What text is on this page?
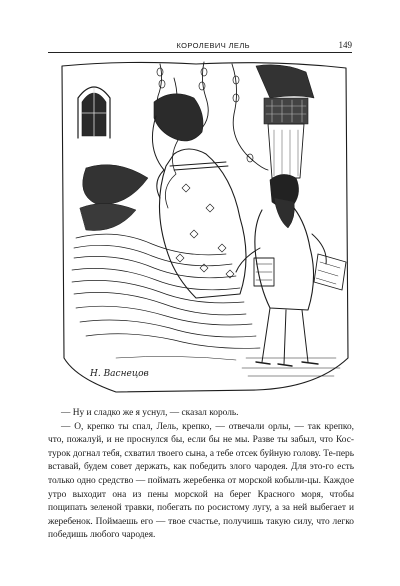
КОРОЛЕВИЧ ЛЕЛЬ	149
Н. Васнецов

— Ну и сладко же я уснул, — сказал король.

— О, крепко ты спал, Лель, крепко, — отвечали орлы, — так крепко, что, пожалуй, и не проснулся бы, если бы не мы. Разве ты забыл, что Кос-турок догнал тебя, схватил твоего сына, а тебе отсек буйную голову. Те-перь вставай, будем совет держать, как победить злого чародея. Для это-го есть только одно средство — поймать жеребенка от морской кобыли-цы. Каждое утро выходит она из пены морской на берег Красного моря, чтобы пощипать зеленой травки, побегать по росистому лугу, а за ней выбегает и жеребенок. Поймаешь его — твое счастье, получишь такую силу, что легко победишь любого чародея.
